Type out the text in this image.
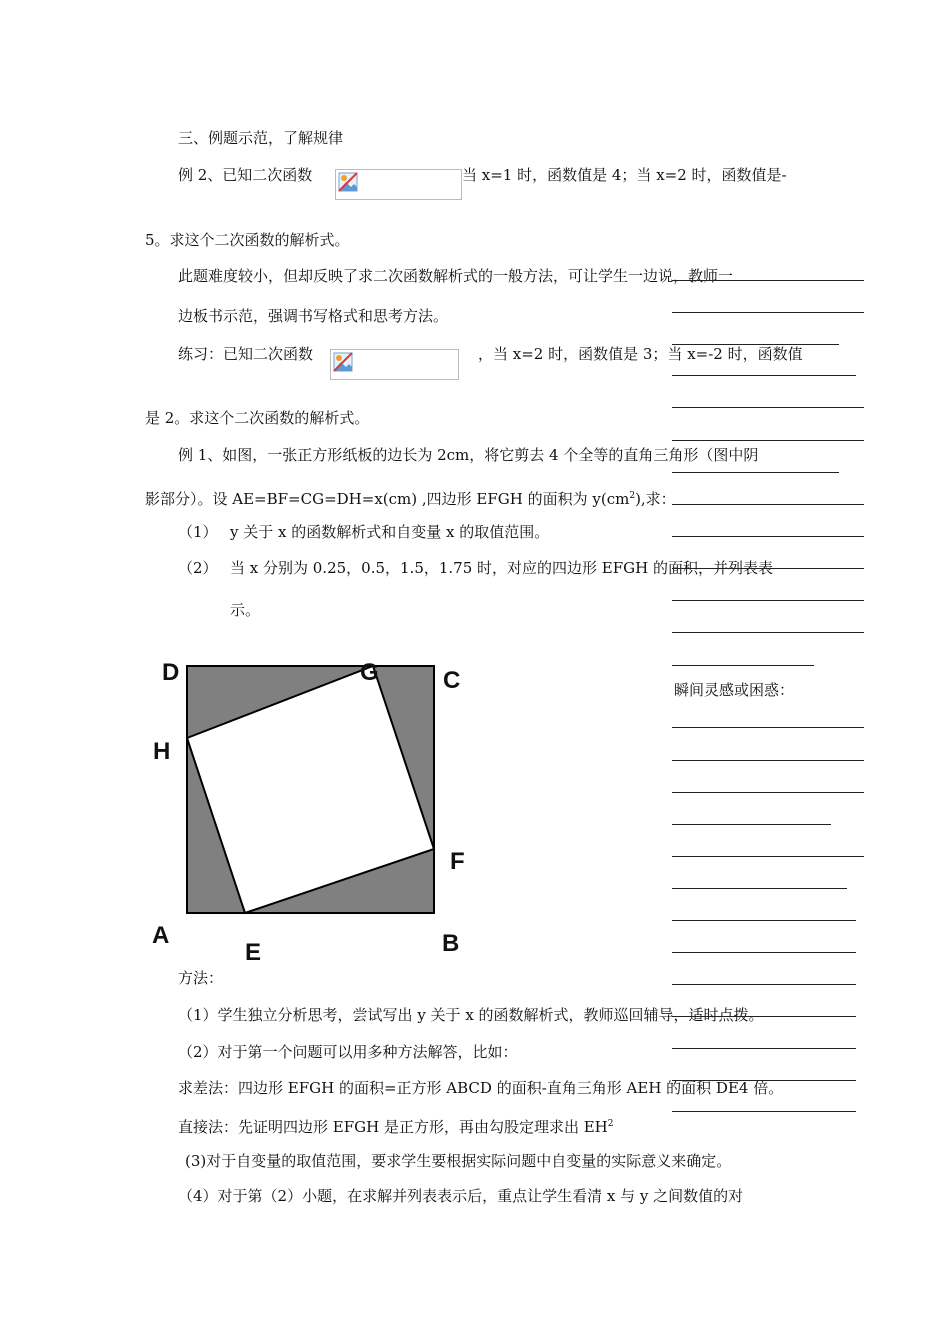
三、例题示范，了解规律
例 2、已知二次函数	当 x=1 时，函数值是 4；当 x=2 时，函数值是-
5。求这个二次函数的解析式。
此题难度较小，但却反映了求二次函数解析式的一般方法，可让学生一边说，教师一
边板书示范，强调书写格式和思考方法。
练习：已知二次函数	，当 x=2 时，函数值是 3；当 x=-2 时，函数值
是 2。求这个二次函数的解析式。
例 1、如图，一张正方形纸板的边长为 2cm，将它剪去 4 个全等的直角三角形（图中阴
影部分）。设 AE=BF=CG=DH=x(cm) ,四边形 EFGH 的面积为 $y(cm^2)$,求：
（1） y 关于 x 的函数解析式和自变量 x 的取值范围。
（2） 当 x 分别为 0.25，0.5，1.5，1.75 时，对应的四边形 EFGH 的面积，并列表表
示。
D	G	C
H
F
A	B
E
方法：
（1）学生独立分析思考，尝试写出 y 关于 x 的函数解析式，教师巡回辅导，适时点拨。
（2）对于第一个问题可以用多种方法解答，比如：
求差法：四边形 EFGH 的面积=正方形 ABCD 的面积-直角三角形 AEH 的面积 DE4 倍。
直接法：先证明四边形 EFGH 是正方形，再由勾股定理求出 $EH^2$
(3)对于自变量的取值范围，要求学生要根据实际问题中自变量的实际意义来确定。
（4）对于第（2）小题，在求解并列表表示后，重点让学生看清 x 与 y 之间数值的对
瞬间灵感或困惑：
